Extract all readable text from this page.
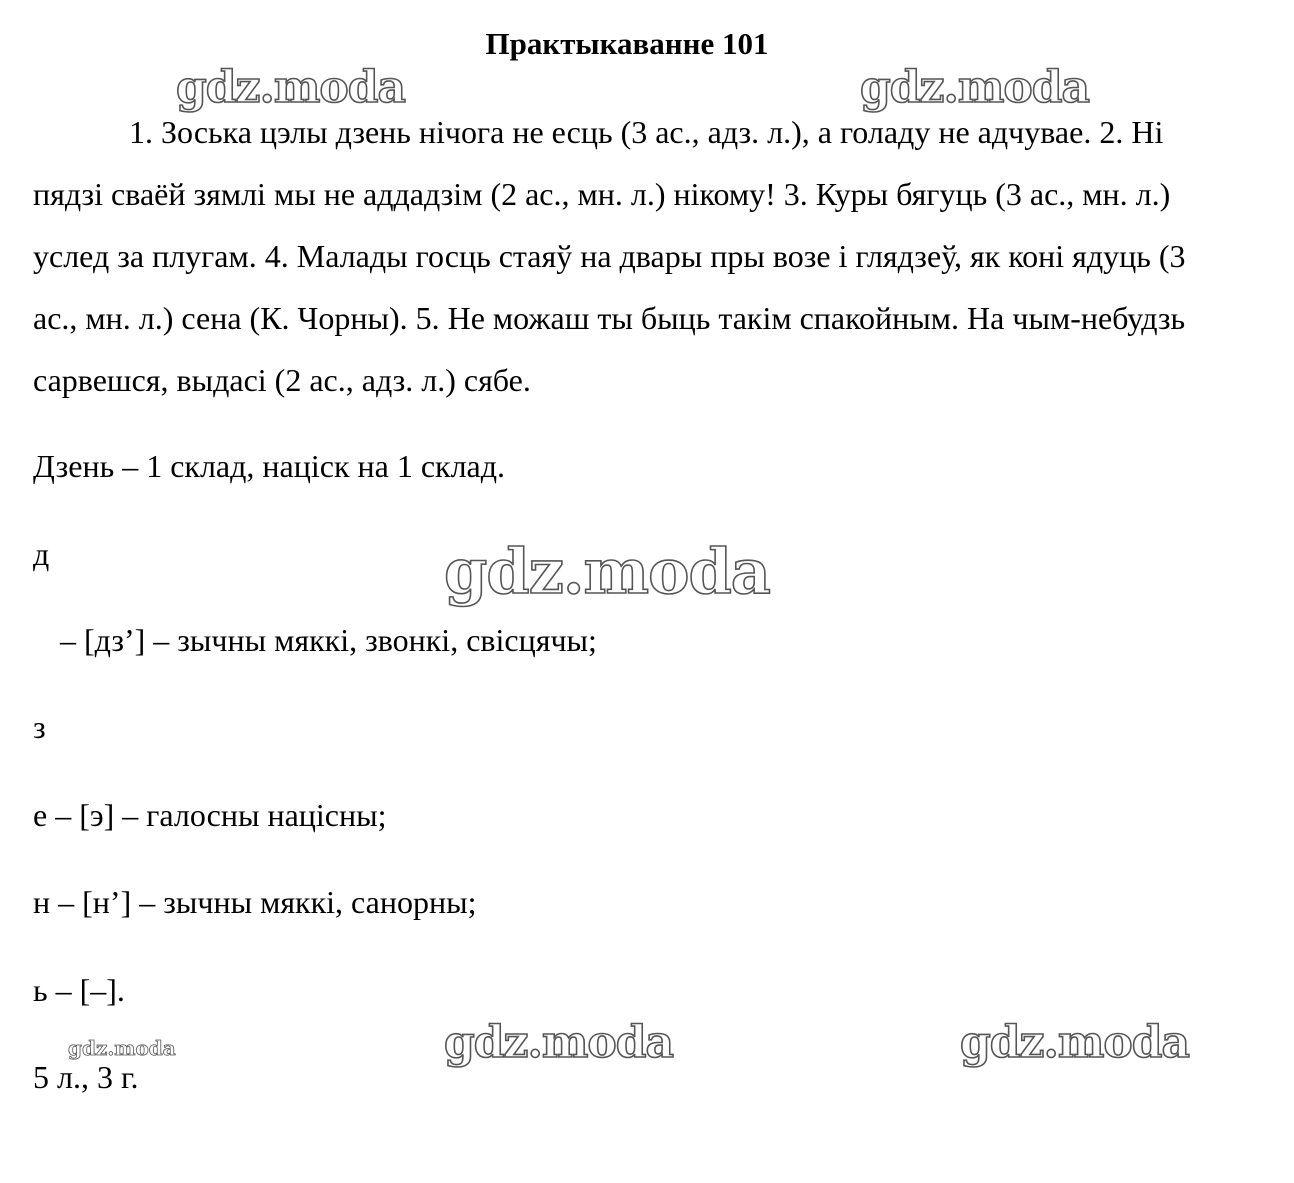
Практыкаванне 101
1. Зоська цэлы дзень нічога не есць (3 ас., адз. л.), а голаду не адчувае. 2. Ні пядзі сваёй зямлі мы не аддадзім (2 ас., мн. л.) нікому! 3. Куры бягуць (3 ас., мн. л.) услед за плугам. 4. Малады госць стаяў на двары пры возе і глядзеў, як коні ядуць (3 ас., мн. л.) сена (К. Чорны). 5. Не можаш ты быць такім спакойным. На чым-небудзь сарвешся, выдасі (2 ас., адз. л.) сябе.
Дзень – 1 склад, націск на 1 склад.
д
– [дз’] – зычны мяккі, звонкі, свісцячы;
з
е – [э] – галосны націсны;
н – [н’] – зычны мяккі, санорны;
ь – [–].
5 л., 3 г.
gdz.moda	gdz.moda
gdz.moda
gdz.moda	gdz.moda
gdz.moda
